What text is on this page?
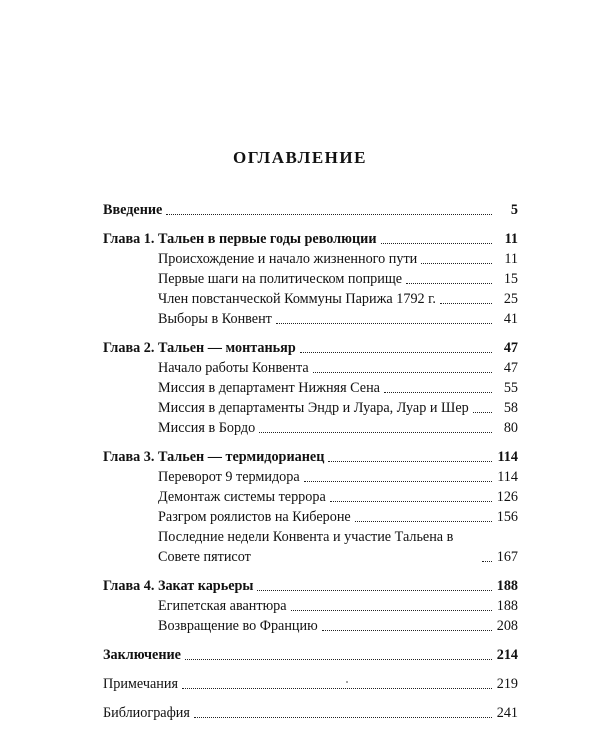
ОГЛАВЛЕНИЕ
Введение	5
Глава 1. Тальен в первые годы революции	11
Происхождение и начало жизненного пути	11
Первые шаги на политическом поприще	15
Член повстанческой Коммуны Парижа 1792 г.	25
Выборы в Конвент	41
Глава 2. Тальен — монтаньяр	47
Начало работы Конвента	47
Миссия в департамент Нижняя Сена	55
Миссия в департаменты Эндр и Луара, Луар и Шер	58
Миссия в Бордо	80
Глава 3. Тальен — термидорианец	114
Переворот 9 термидора	114
Демонтаж системы террора	126
Разгром роялистов на Кибероне	156
Последние недели Конвента и участие Тальена в Совете пятисот	167
Глава 4. Закат карьеры	188
Египетская авантюра	188
Возвращение во Францию	208
Заключение	214
Примечания	219
Библиография	241
